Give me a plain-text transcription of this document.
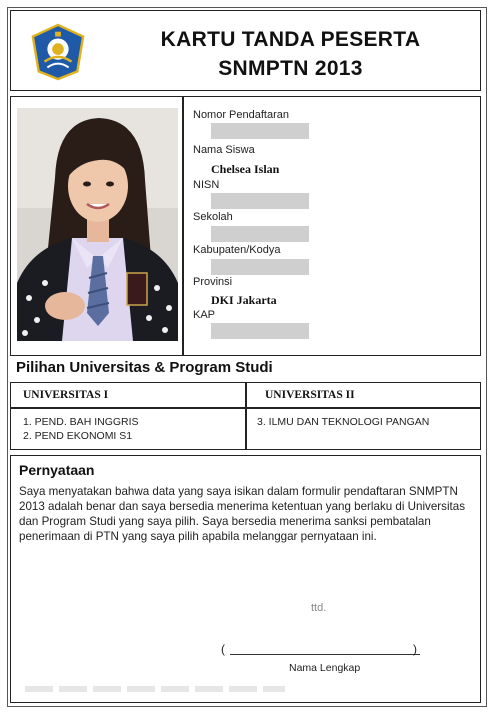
KARTU TANDA PESERTA
SNMPTN 2013
Nomor Pendaftaran
Nama Siswa
Chelsea Islan
NISN
Sekolah
Kabupaten/Kodya
Provinsi
DKI Jakarta
KAP
Pilihan Universitas & Program Studi
UNIVERSITAS I	UNIVERSITAS II
1. PEND. BAH INGGRIS
2. PEND EKONOMI S1
3. ILMU DAN TEKNOLOGI PANGAN
Pernyataan
Saya menyatakan bahwa data yang saya isikan dalam formulir pendaftaran SNMPTN 2013 adalah benar dan saya bersedia menerima ketentuan yang berlaku di Universitas dan Program Studi yang saya pilih. Saya bersedia menerima sanksi pembatalan penerimaan di PTN yang saya pilih apabila melanggar pernyataan ini.
ttd.
(	)
Nama Lengkap
